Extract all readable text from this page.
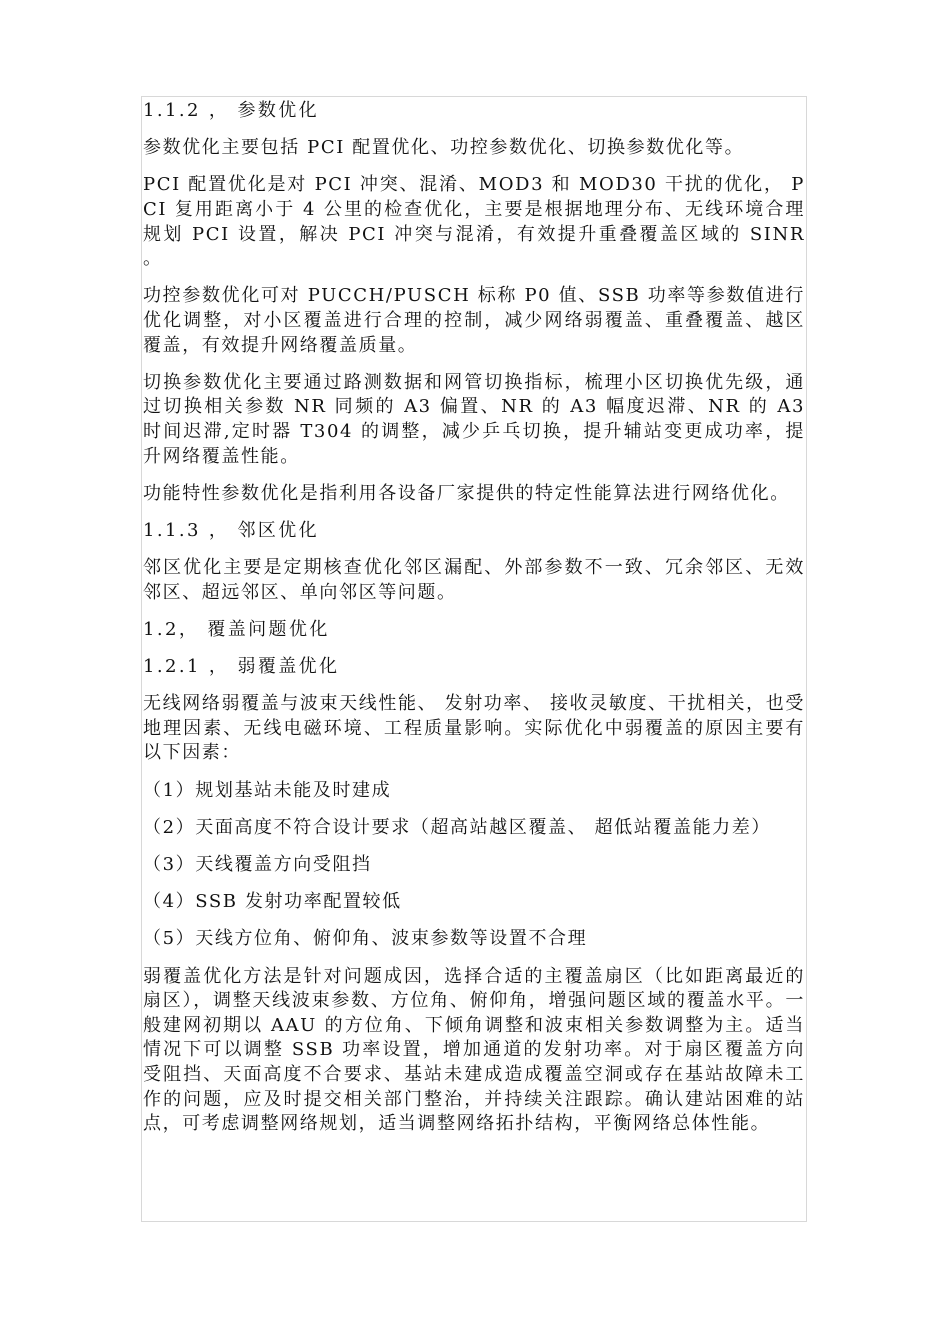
1.1.2 ， 参数优化

参数优化主要包括 PCI 配置优化、功控参数优化、切换参数优化等。

PCI 配置优化是对 PCI 冲突、混淆、MOD3 和 MOD30 干扰的优化， PCI 复用距离小于 4 公里的检查优化，主要是根据地理分布、无线环境合理规划 PCI 设置，解决 PCI 冲突与混淆，有效提升重叠覆盖区域的 SINR 。

功控参数优化可对 PUCCH/PUSCH 标称 P0 值、SSB 功率等参数值进行优化调整，对小区覆盖进行合理的控制，减少网络弱覆盖、重叠覆盖、越区覆盖，有效提升网络覆盖质量。

切换参数优化主要通过路测数据和网管切换指标，梳理小区切换优先级，通过切换相关参数 NR 同频的 A3 偏置、NR 的 A3 幅度迟滞、NR 的 A3 时间迟滞,定时器 T304 的调整，减少乒乓切换，提升辅站变更成功率，提升网络覆盖性能。

功能特性参数优化是指利用各设备厂家提供的特定性能算法进行网络优化。

1.1.3 ， 邻区优化

邻区优化主要是定期核查优化邻区漏配、外部参数不一致、冗余邻区、无效邻区、超远邻区、单向邻区等问题。

1.2， 覆盖问题优化

1.2.1 ， 弱覆盖优化

无线网络弱覆盖与波束天线性能、 发射功率、 接收灵敏度、干扰相关，也受地理因素、无线电磁环境、工程质量影响。实际优化中弱覆盖的原因主要有以下因素：

（1）规划基站未能及时建成

（2）天面高度不符合设计要求（超高站越区覆盖、 超低站覆盖能力差）

（3）天线覆盖方向受阻挡

（4）SSB 发射功率配置较低

（5）天线方位角、俯仰角、波束参数等设置不合理

弱覆盖优化方法是针对问题成因，选择合适的主覆盖扇区（比如距离最近的扇区），调整天线波束参数、方位角、俯仰角，增强问题区域的覆盖水平。一般建网初期以 AAU 的方位角、下倾角调整和波束相关参数调整为主。适当情况下可以调整 SSB 功率设置，增加通道的发射功率。对于扇区覆盖方向受阻挡、天面高度不合要求、基站未建成造成覆盖空洞或存在基站故障未工作的问题，应及时提交相关部门整治，并持续关注跟踪。确认建站困难的站点，可考虑调整网络规划，适当调整网络拓扑结构，平衡网络总体性能。
